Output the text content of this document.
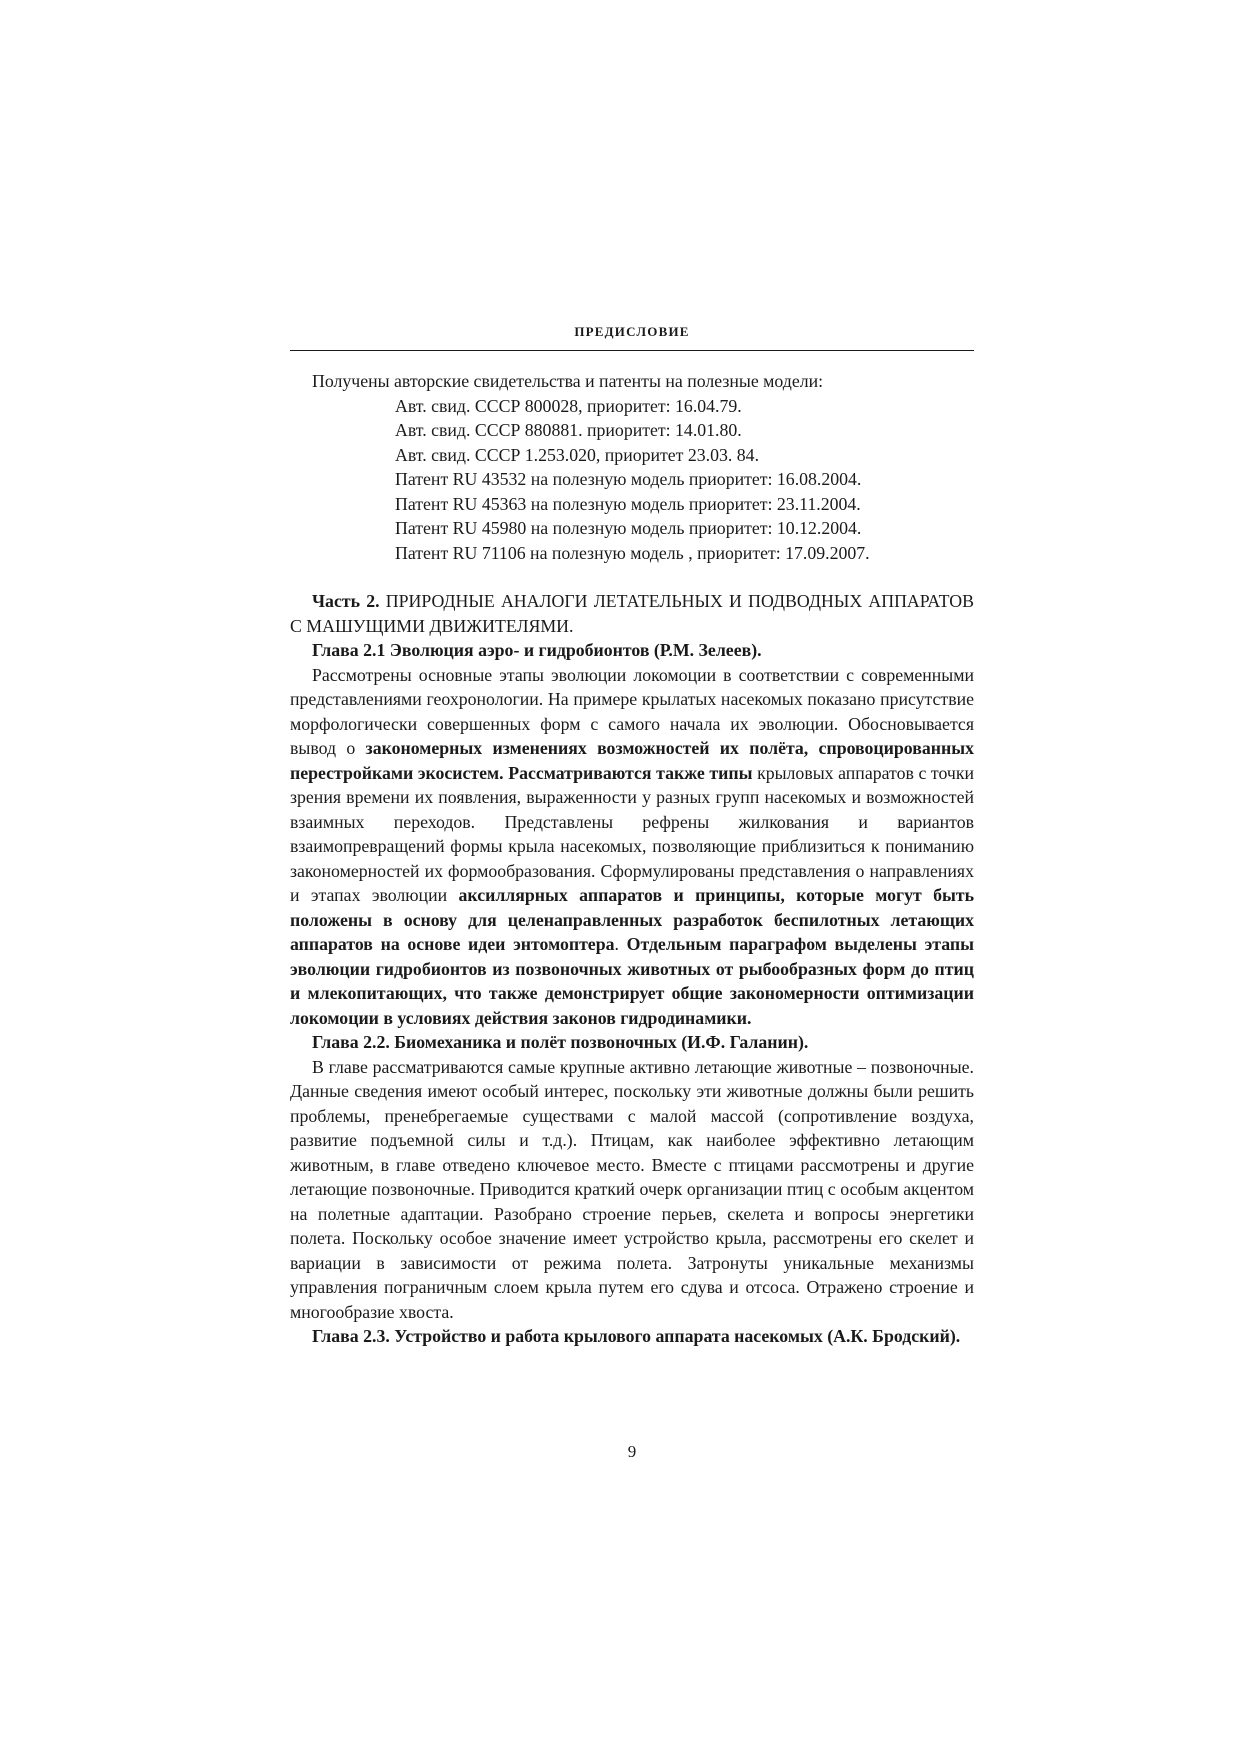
ПРЕДИСЛОВИЕ

Получены авторские свидетельства и патенты на полезные модели:

Авт. свид. СССР 800028, приоритет: 16.04.79.
Авт. свид. СССР 880881. приоритет: 14.01.80.
Авт. свид. СССР 1.253.020, приоритет 23.03. 84.
Патент RU 43532 на полезную модель приоритет: 16.08.2004.
Патент RU 45363 на полезную модель приоритет: 23.11.2004.
Патент RU 45980 на полезную модель приоритет: 10.12.2004.
Патент RU 71106 на полезную модель , приоритет: 17.09.2007.

Часть 2. ПРИРОДНЫЕ АНАЛОГИ ЛЕТАТЕЛЬНЫХ И ПОДВОДНЫХ АППАРАТОВ С МАШУЩИМИ ДВИЖИТЕЛЯМИ.

Глава 2.1 Эволюция аэро- и гидробионтов (Р.М. Зелеев).

Рассмотрены основные этапы эволюции локомоции в соответствии с современными представлениями геохронологии. На примере крылатых насекомых показано присутствие морфологически совершенных форм с самого начала их эволюции. Обосновывается вывод о закономерных изменениях возможностей их полёта, спровоцированных перестройками экосистем. Рассматриваются также типы крыловых аппаратов с точки зрения времени их появления, выраженности у разных групп насекомых и возможностей взаимных переходов. Представлены рефрены жилкования и вариантов взаимопревращений формы крыла насекомых, позволяющие приблизиться к пониманию закономерностей их формообразования. Сформулированы представления о направлениях и этапах эволюции аксиллярных аппаратов и принципы, которые могут быть положены в основу для целенаправленных разработок беспилотных летающих аппаратов на основе идеи энтомоптера. Отдельным параграфом выделены этапы эволюции гидробионтов из позвоночных животных от рыбообразных форм до птиц и млекопитающих, что также демонстрирует общие закономерности оптимизации локомоции в условиях действия законов гидродинамики.

Глава 2.2. Биомеханика и полёт позвоночных (И.Ф. Галанин).

В главе рассматриваются самые крупные активно летающие животные – позвоночные. Данные сведения имеют особый интерес, поскольку эти животные должны были решить проблемы, пренебрегаемые существами с малой массой (сопротивление воздуха, развитие подъемной силы и т.д.). Птицам, как наиболее эффективно летающим животным, в главе отведено ключевое место. Вместе с птицами рассмотрены и другие летающие позвоночные. Приводится краткий очерк организации птиц с особым акцентом на полетные адаптации. Разобрано строение перьев, скелета и вопросы энергетики полета. Поскольку особое значение имеет устройство крыла, рассмотрены его скелет и вариации в зависимости от режима полета. Затронуты уникальные механизмы управления пограничным слоем крыла путем его сдува и отсоса. Отражено строение и многообразие хвоста.

Глава 2.3. Устройство и работа крылового аппарата насекомых (А.К. Бродский).

9
